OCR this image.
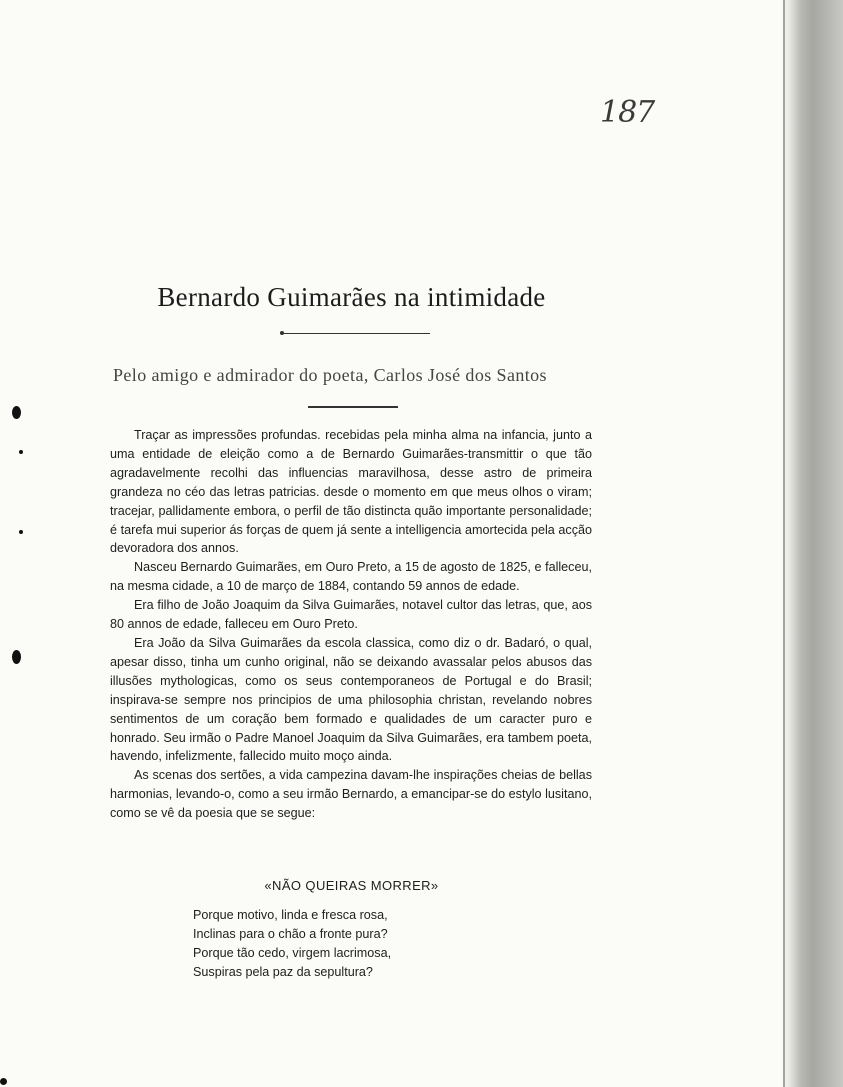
187
Bernardo Guimarães na intimidade
Pelo amigo e admirador do poeta, Carlos José dos Santos

Traçar as impressões profundas. recebidas pela minha alma na infancia, junto a uma entidade de eleição como a de Bernardo Guimarães-transmittir o que tão agradavelmente recolhi das influencias maravilhosa, desse astro de primeira grandeza no céo das letras patricias. desde o momento em que meus olhos o viram; tracejar, pallidamente embora, o perfil de tão distincta quão importante personalidade; é tarefa mui superior ás forças de quem já sente a intelligencia amortecida pela acção devoradora dos annos.

Nasceu Bernardo Guimarães, em Ouro Preto, a 15 de agosto de 1825, e falleceu, na mesma cidade, a 10 de março de 1884, contando 59 annos de edade.

Era filho de João Joaquim da Silva Guimarães, notavel cultor das letras, que, aos 80 annos de edade, falleceu em Ouro Preto.

Era João da Silva Guimarães da escola classica, como diz o dr. Badaró, o qual, apesar disso, tinha um cunho original, não se deixando avassalar pelos abusos das illusões mythologicas, como os seus contemporaneos de Portugal e do Brasil; inspirava-se sempre nos principios de uma philosophia christan, revelando nobres sentimentos de um coração bem formado e qualidades de um caracter puro e honrado. Seu irmão o Padre Manoel Joaquim da Silva Guimarães, era tambem poeta, havendo, infelizmente, fallecido muito moço ainda.

As scenas dos sertões, a vida campezina davam-lhe inspirações cheias de bellas harmonias, levando-o, como a seu irmão Bernardo, a emancipar-se do estylo lusitano, como se vê da poesia que se segue:

«NÃO QUEIRAS MORRER»
Porque motivo, linda e fresca rosa,
Inclinas para o chão a fronte pura?
Porque tão cedo, virgem lacrimosa,
Suspiras pela paz da sepultura?
